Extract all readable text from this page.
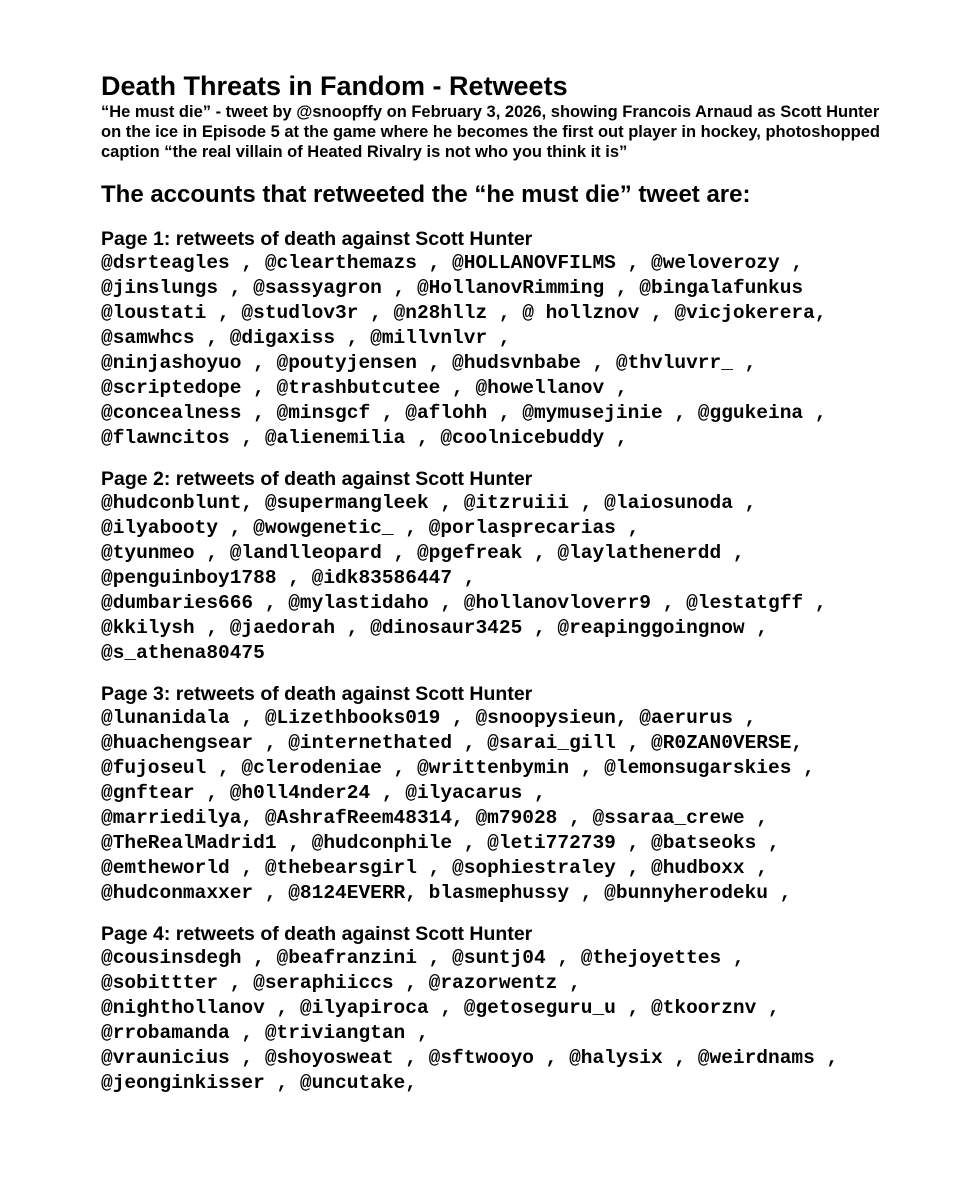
Death Threats in Fandom - Retweets

“He must die” - tweet by @snoopffy on February 3, 2026, showing Francois Arnaud as Scott Hunter on the ice in Episode 5 at the game where he becomes the first out player in hockey, photoshopped caption “the real villain of Heated Rivalry is not who you think it is”

The accounts that retweeted the “he must die” tweet are:
Page 1: retweets of death against Scott Hunter

@dsrteagles , @clearthemazs , @HOLLANOVFILMS , @weloverozy ,

@jinslungs , @sassyagron , @HollanovRimming , @bingalafunkus

@loustati , @studlov3r , @n28hllz , @ hollznov , @vicjokerera,

@samwhcs , @digaxiss , @millvnlvr ,

@ninjashoyuo , @poutyjensen , @hudsvnbabe , @thvluvrr_ ,

@scriptedope , @trashbutcutee , @howellanov ,

@concealness , @minsgcf , @aflohh , @mymusejinie , @ggukeina ,

@flawncitos , @alienemilia , @coolnicebuddy ,

Page 2: retweets of death against Scott Hunter

@hudconblunt, @supermangleek , @itzruiii , @laiosunoda ,

@ilyabooty , @wowgenetic_ , @porlasprecarias ,

@tyunmeo , @landlleopard , @pgefreak , @laylathenerdd ,

@penguinboy1788 , @idk83586447 ,

@dumbaries666 , @mylastidaho , @hollanovloverr9 , @lestatgff ,

@kkilysh , @jaedorah , @dinosaur3425 , @reapinggoingnow ,

@s_athena80475

Page 3: retweets of death against Scott Hunter

@lunanidala , @Lizethbooks019 , @snoopysieun, @aerurus ,

@huachengsear , @internethated , @sarai_gill , @R0ZAN0VERSE,

@fujoseul , @clerodeniae , @writtenbymin , @lemonsugarskies ,

@gnftear , @h0ll4nder24 , @ilyacarus ,

@marriedilya, @AshrafReem48314, @m79028 , @ssaraa_crewe ,

@TheRealMadrid1 , @hudconphile , @leti772739 , @batseoks ,

@emtheworld , @thebearsgirl , @sophiestraley , @hudboxx ,

@hudconmaxxer , @8124EVERR, blasmephussy , @bunnyherodeku ,

Page 4: retweets of death against Scott Hunter

@cousinsdegh , @beafranzini , @suntj04 , @thejoyettes ,

@sobittter , @seraphiiccs , @razorwentz ,

@nighthollanov , @ilyapiroca , @getoseguru_u , @tkoorznv ,

@rrobamanda , @triviangtan ,

@vraunicius , @shoyosweat , @sftwooyo , @halysix , @weirdnams ,

@jeonginkisser , @uncutake,
